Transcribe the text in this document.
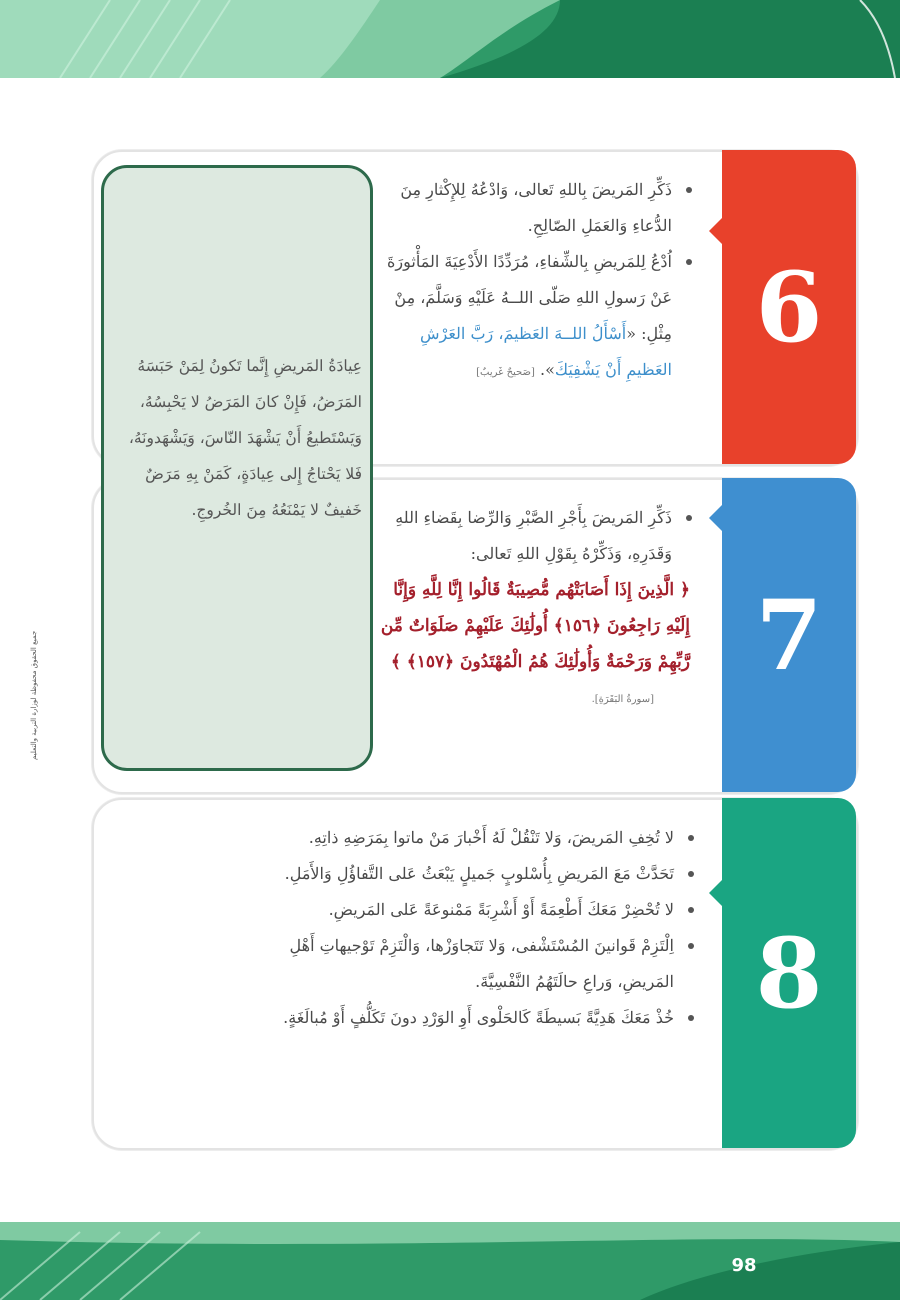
جميع الحقوق محفوظة لوزارة التربية والتعليم
6
ذَكِّرِ المَريضَ بِاللهِ تَعالى، وَادْعُهُ لِلإِكْثارِ مِنَ الدُّعاءِ وَالعَمَلِ الصّالِحِ.
اُدْعُ لِلمَريضِ بِالشِّفاءِ، مُرَدِّدًا الأَدْعِيَةَ المَأْثورَةَ عَنْ رَسولِ اللهِ صَلّى اللــهُ عَلَيْهِ وَسَلَّمَ، مِنْ مِثْلِ: «أَسْأَلُ اللــهَ العَظيمَ، رَبَّ العَرْشِ العَظيمِ أَنْ يَشْفِيَكَ». [صَحيحٌ غَريبٌ]
7
ذَكِّرِ المَريضَ بِأَجْرِ الصَّبْرِ وَالرِّضا بِقَضاءِ اللهِ وَقَدَرِهِ، وَذَكِّرْهُ بِقَوْلِ اللهِ تَعالى:
﴿ الَّذِينَ إِذَا أَصَابَتْهُم مُّصِيبَةٌ قَالُوا إِنَّا لِلَّهِ وَإِنَّا إِلَيْهِ رَاجِعُونَ ﴿١٥٦﴾ أُولَٰئِكَ عَلَيْهِمْ صَلَوَاتٌ مِّن رَّبِّهِمْ وَرَحْمَةٌ وَأُولَٰئِكَ هُمُ الْمُهْتَدُونَ ﴿١٥٧﴾ ﴾
[سورةُ البَقَرَةِ].
عِيادَةُ المَريضِ إِنَّما تَكونُ لِمَنْ حَبَسَهُ المَرَضُ، فَإِنْ كانَ المَرَضُ لا يَحْبِسُهُ، وَيَسْتَطيعُ أَنْ يَشْهَدَ النّاسَ، وَيَشْهَدونَهُ، فَلا يَحْتاجُ إِلى عِيادَةٍ، كَمَنْ بِهِ مَرَضٌ خَفيفٌ لا يَمْنَعُهُ مِنَ الخُروجِ.
8
لا تُخِفِ المَريضَ، وَلا تَنْقُلْ لَهُ أَخْبارَ مَنْ ماتوا بِمَرَضِهِ ذاتِهِ.
تَحَدَّثْ مَعَ المَريضِ بِأُسْلوبٍ جَميلٍ يَبْعَثُ عَلى التَّفاؤُلِ وَالأَمَلِ.
لا تُحْضِرْ مَعَكَ أَطْعِمَةً أَوْ أَشْرِبَةً مَمْنوعَةً عَلى المَريضِ.
اِلْتَزِمْ قَوانينَ المُسْتَشْفى، وَلا تَتَجاوَزْها، وَالْتَزِمْ تَوْجيهاتِ أَهْلِ المَريضِ، وَراعِ حالَتَهُمُ النَّفْسِيَّةَ.
خُذْ مَعَكَ هَدِيَّةً بَسيطَةً كَالحَلْوى أَوِ الوَرْدِ دونَ تَكَلُّفٍ أَوْ مُبالَغَةٍ.
98
